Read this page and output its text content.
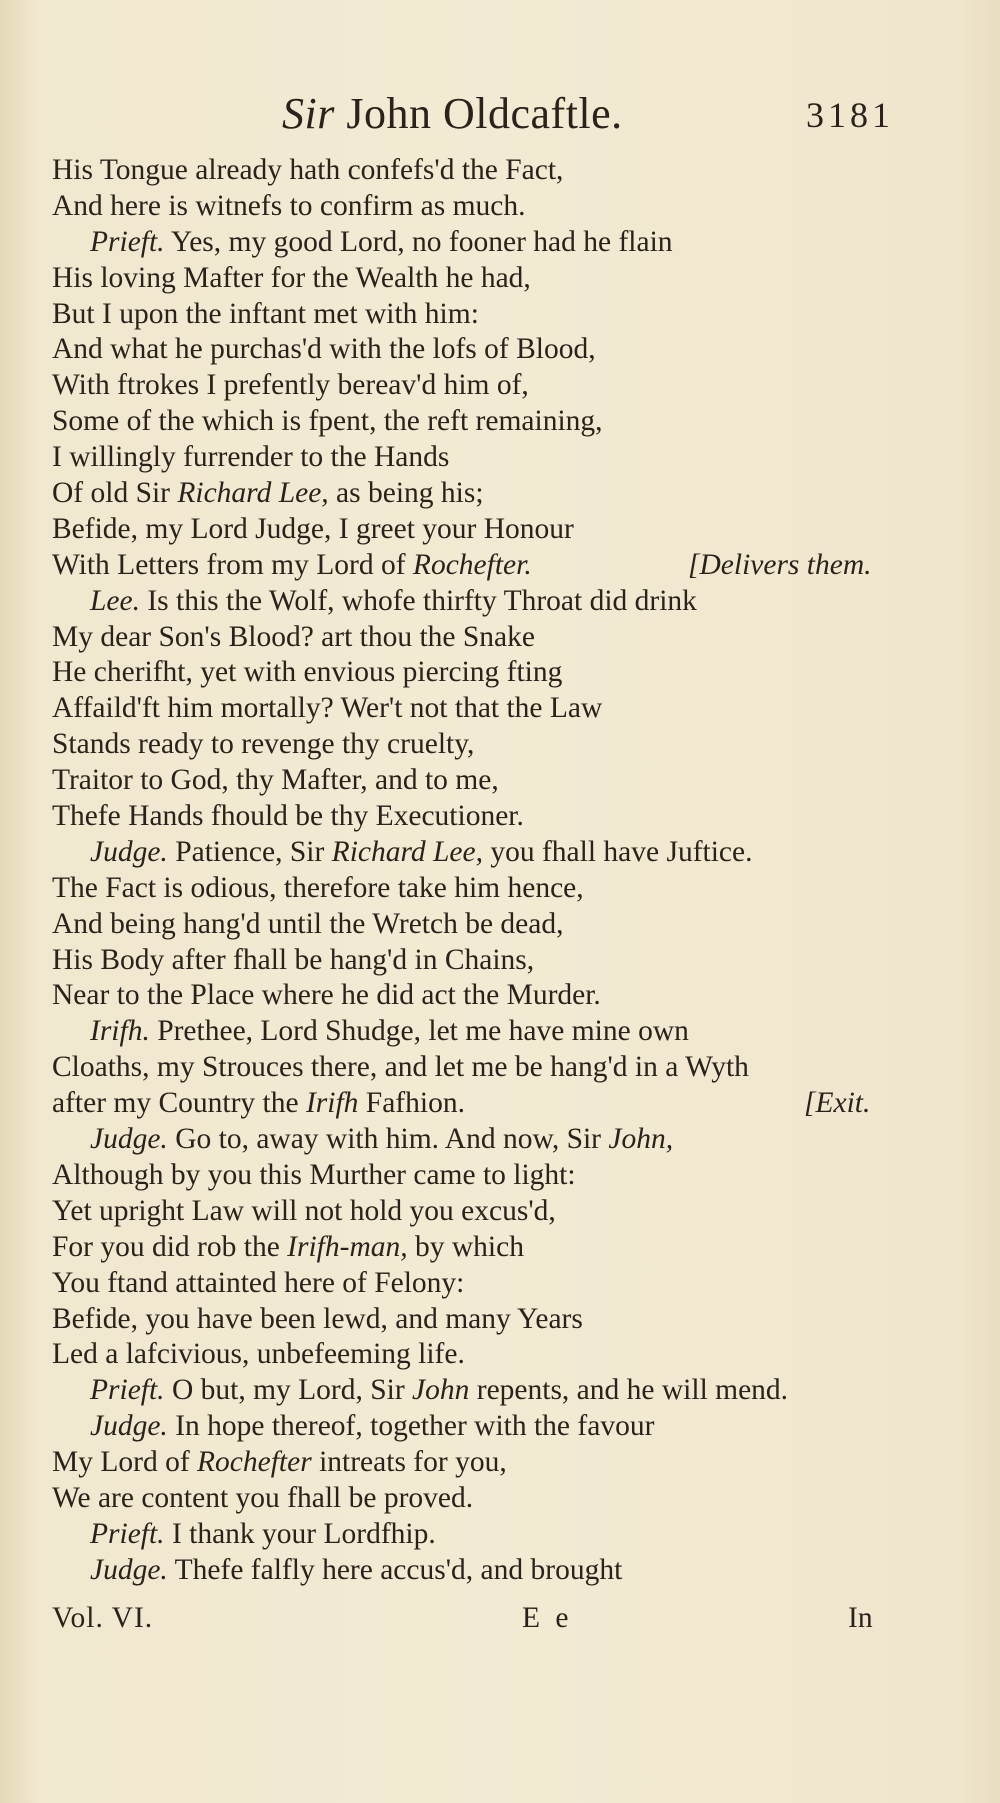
Sir John Oldcaftle.	3181
His Tongue already hath confefs'd the Fact,
And here is witnefs to confirm as much.
Prieft. Yes, my good Lord, no fooner had he flain
His loving Mafter for the Wealth he had,
But I upon the inftant met with him:
And what he purchas'd with the lofs of Blood,
With ftrokes I prefently bereav'd him of,
Some of the which is fpent, the reft remaining,
I willingly furrender to the Hands
Of old Sir Richard Lee, as being his;
Befide, my Lord Judge, I greet your Honour
With Letters from my Lord of Rochefter.	[Delivers them.
Lee. Is this the Wolf, whofe thirfty Throat did drink
My dear Son's Blood? art thou the Snake
He cherifht, yet with envious piercing fting
Affaild'ft him mortally? Wer't not that the Law
Stands ready to revenge thy cruelty,
Traitor to God, thy Mafter, and to me,
Thefe Hands fhould be thy Executioner.
Judge. Patience, Sir Richard Lee, you fhall have Juftice.
The Fact is odious, therefore take him hence,
And being hang'd until the Wretch be dead,
His Body after fhall be hang'd in Chains,
Near to the Place where he did act the Murder.
Irifh. Prethee, Lord Shudge, let me have mine own
Cloaths, my Strouces there, and let me be hang'd in a Wyth
after my Country the Irifh Fafhion.	[Exit.
Judge. Go to, away with him. And now, Sir John,
Although by you this Murther came to light:
Yet upright Law will not hold you excus'd,
For you did rob the Irifh-man, by which
You ftand attainted here of Felony:
Befide, you have been lewd, and many Years
Led a lafcivious, unbefeeming life.
Prieft. O but, my Lord, Sir John repents, and he will mend.
Judge. In hope thereof, together with the favour
My Lord of Rochefter intreats for you,
We are content you fhall be proved.
Prieft. I thank your Lordfhip.
Judge. Thefe falfly here accus'd, and brought
Vol. VI.	E e	In
